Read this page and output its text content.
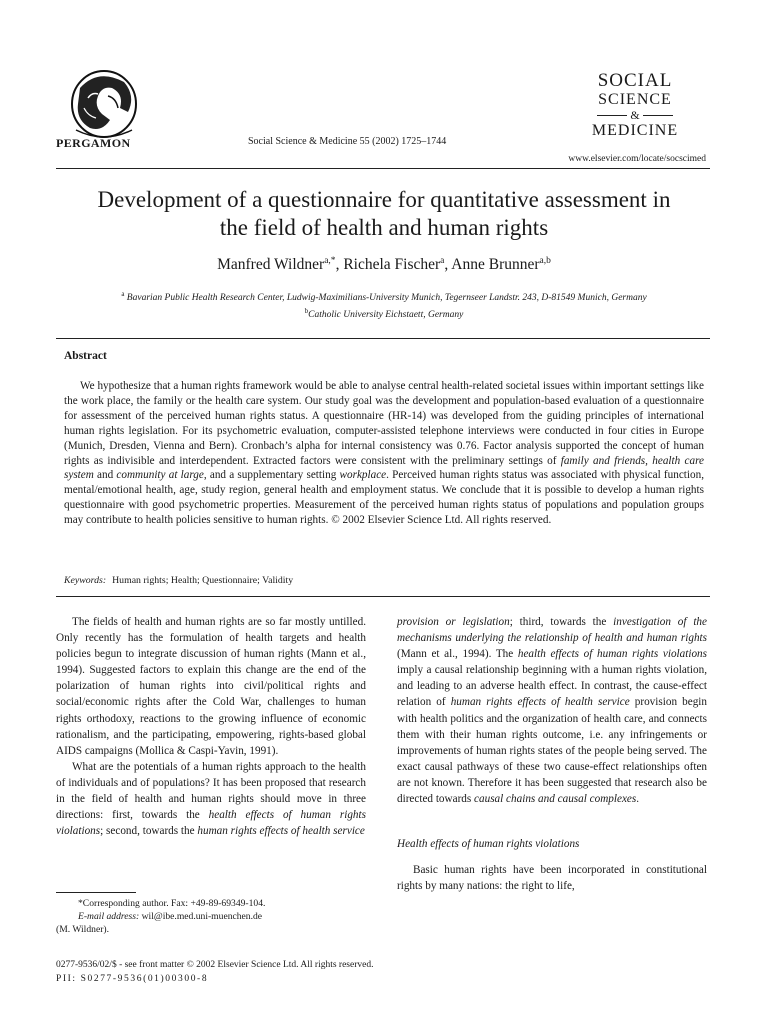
PERGAMON	Social Science & Medicine 55 (2002) 1725–1744
SOCIAL
SCIENCE
&
MEDICINE
www.elsevier.com/locate/socscimed
Development of a questionnaire for quantitative assessment in
the field of health and human rights
Manfred Wildner$^{a,*}$, Richela Fischer$^a$, Anne Brunner$^{a,b}$
$^a$ Bavarian Public Health Research Center, Ludwig-Maximilians-University Munich, Tegernseer Landstr. 243, D-81549 Munich, Germany
$^b$Catholic University Eichstaett, Germany
Abstract

We hypothesize that a human rights framework would be able to analyse central health-related societal issues within important settings like the work place, the family or the health care system. Our study goal was the development and population-based evaluation of a questionnaire for assessment of the perceived human rights status. A questionnaire (HR-14) was developed from the guiding principles of international human rights legislation. For its psychometric evaluation, computer-assisted telephone interviews were conducted in four cities in Europe (Munich, Dresden, Vienna and Bern). Cronbach’s alpha for internal consistency was 0.76. Factor analysis supported the concept of human rights as indivisible and interdependent. Extracted factors were consistent with the preliminary settings of family and friends, health care system and community at large, and a supplementary setting workplace. Perceived human rights status was associated with physical function, mental/emotional health, age, study region, general health and employment status. We conclude that it is possible to develop a human rights questionnaire with good psychometric properties. Measurement of the perceived human rights status of populations and population groups may contribute to health policies sensitive to human rights. © 2002 Elsevier Science Ltd. All rights reserved.

Keywords: Human rights; Health; Questionnaire; Validity

The fields of health and human rights are so far mostly untilled. Only recently has the formulation of health targets and health policies begun to integrate discussion of human rights (Mann et al., 1994). Suggested factors to explain this change are the end of the polarization of human rights into civil/political rights and social/economic rights after the Cold War, challenges to human rights orthodoxy, reactions to the growing influence of economic rationalism, and the participating, empowering, rights-based global AIDS campaigns (Mollica & Caspi-Yavin, 1991).

What are the potentials of a human rights approach to the health of individuals and of populations? It has been proposed that research in the field of health and human rights should move in three directions: first, towards the health effects of human rights violations; second, towards the human rights effects of health service

provision or legislation; third, towards the investigation of the mechanisms underlying the relationship of health and human rights (Mann et al., 1994). The health effects of human rights violations imply a causal relationship beginning with a human rights violation, and leading to an adverse health effect. In contrast, the cause-effect relation of human rights effects of health service provision begin with health politics and the organization of health care, and connects them with their human rights outcome, i.e. any infringements or improvements of human rights states of the people being served. The exact causal pathways of these two cause-effect relationships often are not known. Therefore it has been suggested that research also be directed towards causal chains and causal complexes.

Health effects of human rights violations

Basic human rights have been incorporated in constitutional rights by many nations: the right to life,

*Corresponding author. Fax: +49-89-69349-104.
E-mail address: wil@ibe.med.uni-muenchen.de
(M. Wildner).
0277-9536/02/$ - see front matter © 2002 Elsevier Science Ltd. All rights reserved.
PII: S0277-9536(01)00300-8
